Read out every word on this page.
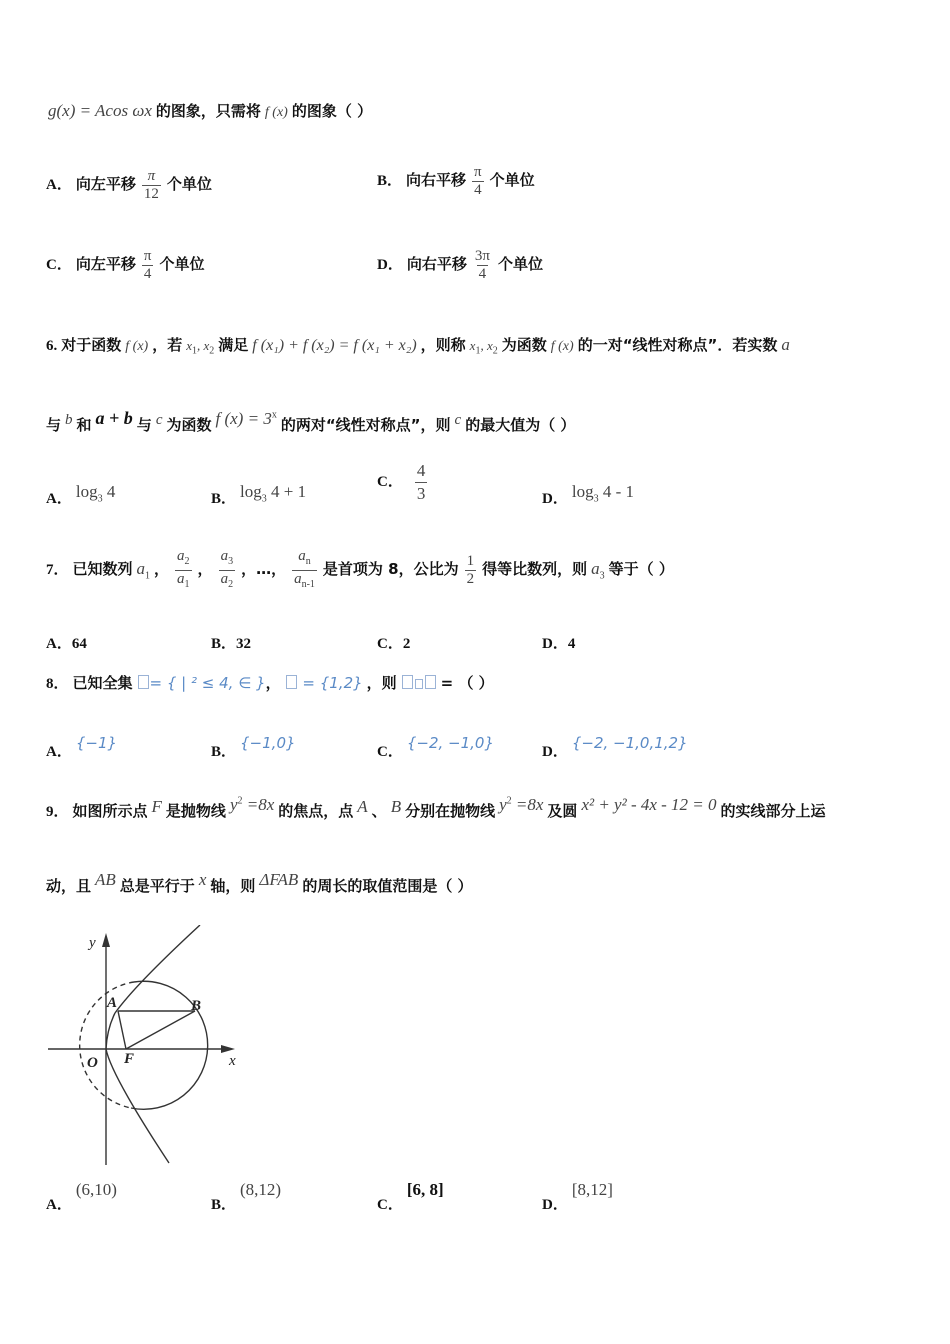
g(x) = Acos ωx 的图象，只需将 f (x) 的图象（ ）
A． 向左平移 $\frac{\pi}{12}$ 个单位	B． 向右平移 $\frac{\pi}{4}$ 个单位
C． 向左平移 $\frac{\pi}{4}$ 个单位	D． 向右平移 $\frac{3\pi}{4}$ 个单位
6. 对于函数 f (x) ，若 $x_1$, $x_2$ 满足 f (x₁) + f (x₂) = f (x₁ + x₂) ，则称 $x_1$, $x_2$ 为函数 f (x) 的一对“线性对称点”．若实数 a
与 b 和 a + b 与 c 为函数 f $(x) = 3^x$ 的两对“线性对称点”，则 c 的最大值为（ ）
A． $\log_3 4$	B． $\log_3 4 + 1$	C． $\frac{4}{3}$	D． $\log_3 4 - 1$
7． 已知数列 $a_1$ ， $\frac{a_2}{a_1}$ ， $\frac{a_3}{a_2}$ ，…， $\frac{a_n}{a_{n-1}}$ 是首项为 8，公比为 $\frac{1}{2}$ 得等比数列，则 $a_3$ 等于（ ）
A．64	B．32	C．2	D．4
8． 已知全集 = { | ² ≤ 4, ∈ }， = {1,2} ，则	= （ ）
A． {−1}	B． {−1,0}	C． {−2, −1,0}	D． {−2, −1,0,1,2}
9． 如图所示点 F 是抛物线 $y^2 =8x$ 的焦点，点 A 、 B 分别在抛物线 $y^2 =8x$ 及圆 x² + y² - 4x - 12 = 0 的实线部分上运
动，且 AB 总是平行于 x 轴，则 ΔFAB 的周长的取值范围是（ ）
y
x
O F
A	B
A． (6,10)
B． (8,12)
C． [6, 8]
D． [8,12]
